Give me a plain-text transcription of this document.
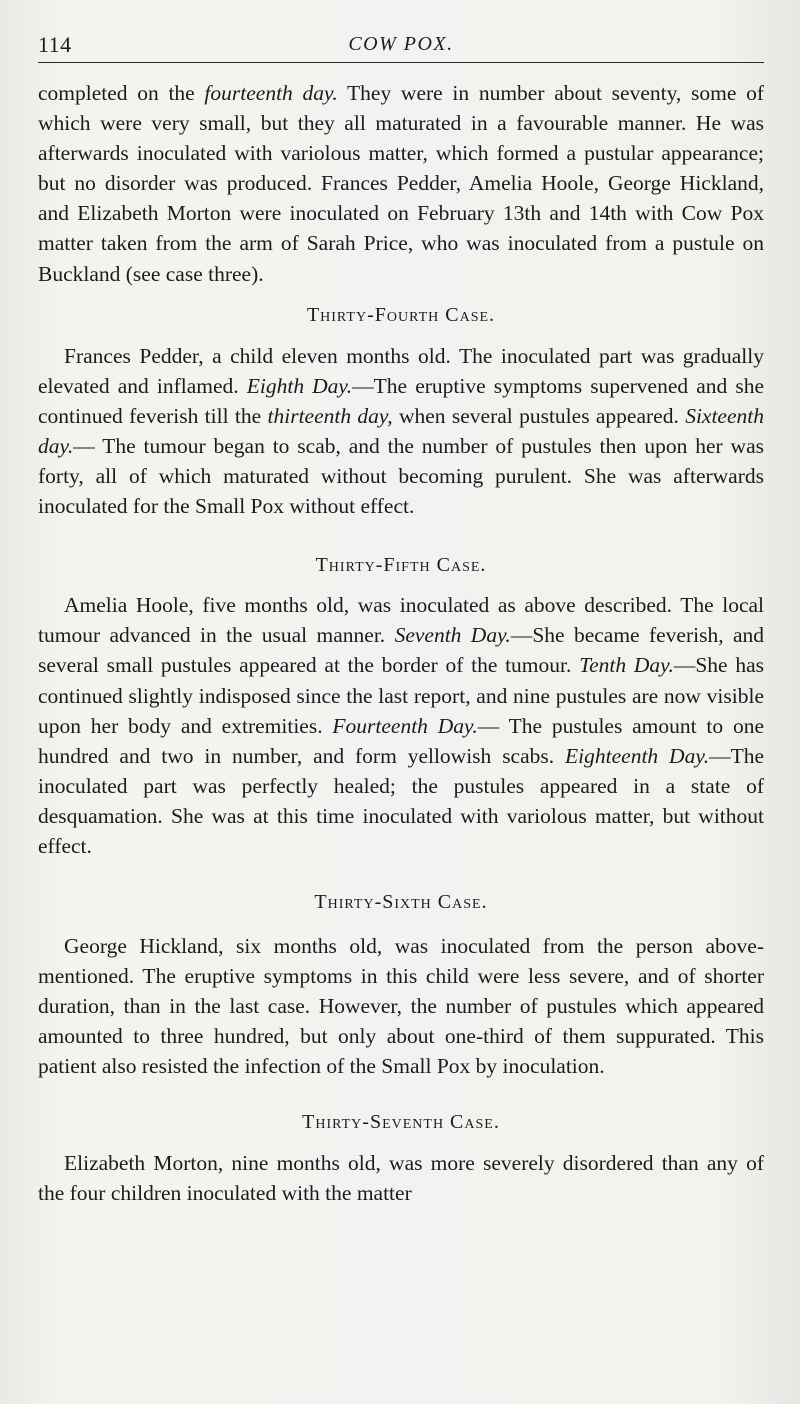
114	COW POX.

completed on the fourteenth day. They were in number about seventy, some of which were very small, but they all maturated in a favourable manner. He was afterwards inoculated with variolous matter, which formed a pustular appearance; but no disorder was produced. Frances Pedder, Amelia Hoole, George Hickland, and Elizabeth Morton were inoculated on February 13th and 14th with Cow Pox matter taken from the arm of Sarah Price, who was inoculated from a pustule on Buckland (see case three).

Thirty-Fourth Case.

Frances Pedder, a child eleven months old. The inoculated part was gradually elevated and inflamed. Eighth Day.—The eruptive symptoms supervened and she continued feverish till the thirteenth day, when several pustules appeared. Sixteenth day.— The tumour began to scab, and the number of pustules then upon her was forty, all of which maturated without becoming purulent. She was afterwards inoculated for the Small Pox without effect.

Thirty-Fifth Case.

Amelia Hoole, five months old, was inoculated as above described. The local tumour advanced in the usual manner. Seventh Day.—She became feverish, and several small pustules appeared at the border of the tumour. Tenth Day.—She has continued slightly indisposed since the last report, and nine pustules are now visible upon her body and extremities. Fourteenth Day.— The pustules amount to one hundred and two in number, and form yellowish scabs. Eighteenth Day.—The inoculated part was perfectly healed; the pustules appeared in a state of desquamation. She was at this time inoculated with variolous matter, but without effect.

Thirty-Sixth Case.

George Hickland, six months old, was inoculated from the person above-mentioned. The eruptive symptoms in this child were less severe, and of shorter duration, than in the last case. However, the number of pustules which appeared amounted to three hundred, but only about one-third of them suppurated. This patient also resisted the infection of the Small Pox by inoculation.

Thirty-Seventh Case.

Elizabeth Morton, nine months old, was more severely disordered than any of the four children inoculated with the matter
